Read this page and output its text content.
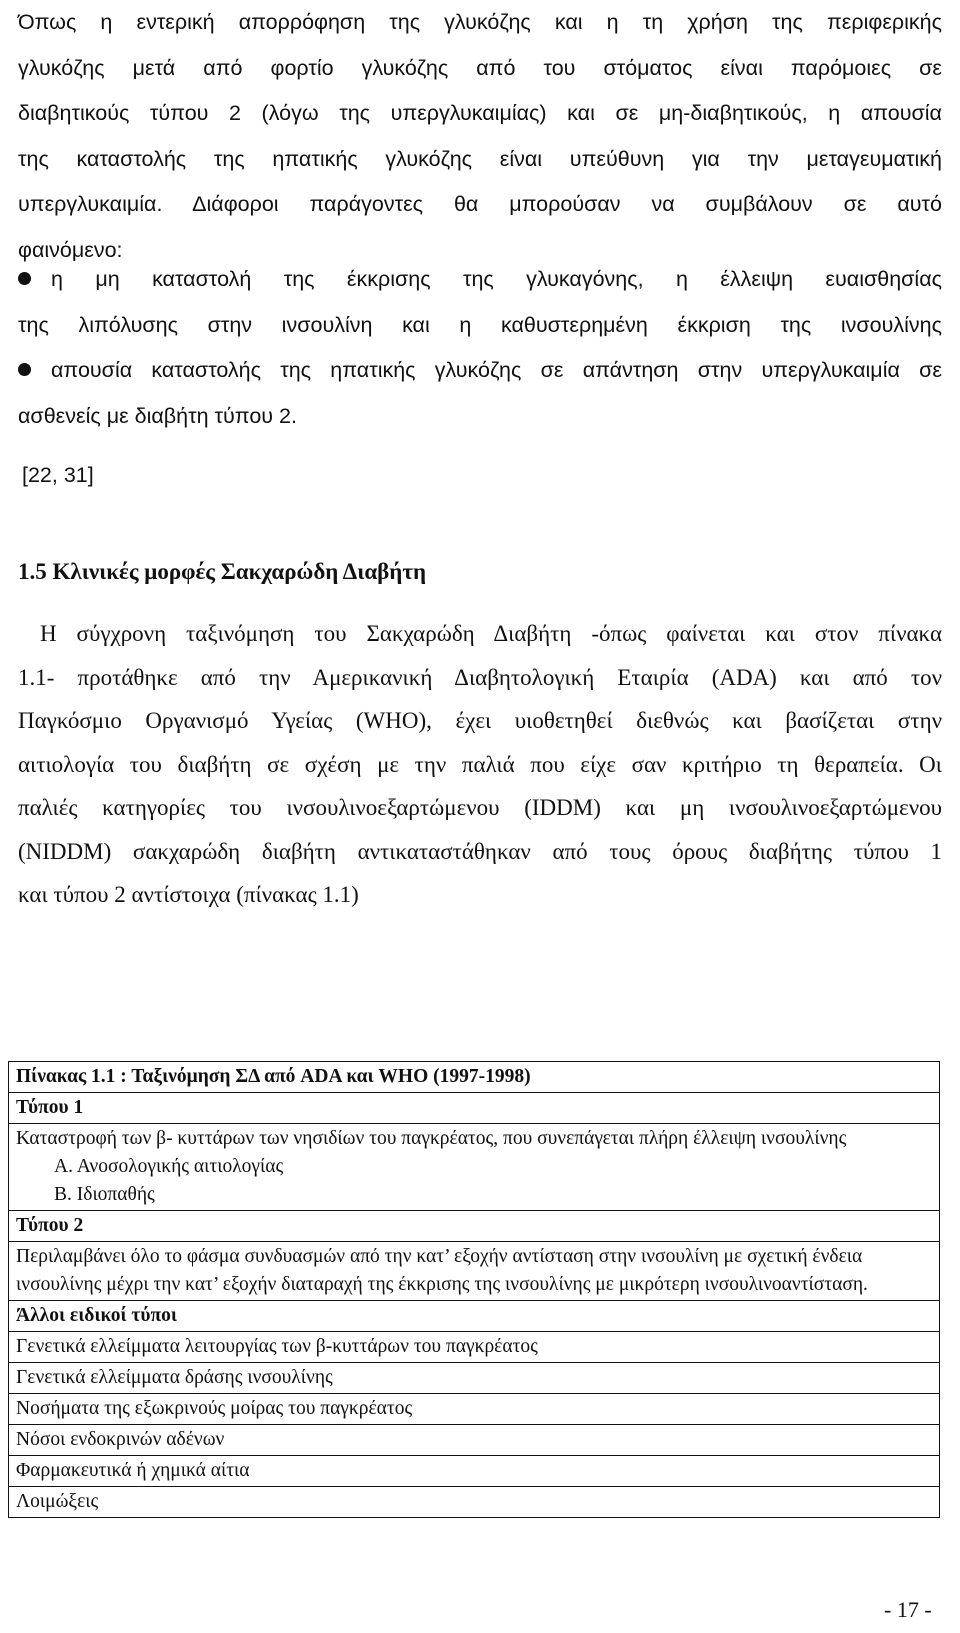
Όπως η εντερική απορρόφηση της γλυκόζης και η τη χρήση της περιφερικής
γλυκόζης μετά από φορτίο γλυκόζης από του στόματος είναι παρόμοιες σε
διαβητικούς τύπου 2 (λόγω της υπεργλυκαιμίας) και σε μη-διαβητικούς, η απουσία
της καταστολής της ηπατικής γλυκόζης είναι υπεύθυνη για την μεταγευματική
υπεργλυκαιμία. Διάφοροι παράγοντες θα μπορούσαν να συμβάλουν σε αυτό
φαινόμενο:
η μη καταστολή της έκκρισης της γλυκαγόνης, η έλλειψη ευαισθησίας
της λιπόλυσης στην ινσουλίνη και η καθυστερημένη έκκριση της ινσουλίνης
απουσία καταστολής της ηπατικής γλυκόζης σε απάντηση στην υπεργλυκαιμία σε
ασθενείς με διαβήτη τύπου 2.
[22, 31]
1.5 Κλινικές μορφές Σακχαρώδη Διαβήτη
Η σύγχρονη ταξινόμηση του Σακχαρώδη Διαβήτη -όπως φαίνεται και στον πίνακα
1.1- προτάθηκε από την Αμερικανική Διαβητολογική Εταιρία (ADA) και από τον
Παγκόσμιο Οργανισμό Υγείας (WHO), έχει υιοθετηθεί διεθνώς και βασίζεται στην
αιτιολογία του διαβήτη σε σχέση με την παλιά που είχε σαν κριτήριο τη θεραπεία. Οι
παλιές κατηγορίες του ινσουλινοεξαρτώμενου (IDDM) και μη ινσουλινοεξαρτώμενου
(NIDDM) σακχαρώδη διαβήτη αντικαταστάθηκαν από τους όρους διαβήτης τύπου 1
και τύπου 2 αντίστοιχα (πίνακας 1.1)
Πίνακας 1.1 : Ταξινόμηση ΣΔ από ADA και WHO (1997-1998)
Τύπου 1
Καταστροφή των β- κυττάρων των νησιδίων του παγκρέατος, που συνεπάγεται πλήρη έλλειψη ινσουλίνης
Α. Ανοσολογικής αιτιολογίας
Β. Ιδιοπαθής

Τύπου 2
Περιλαμβάνει όλο το φάσμα συνδυασμών από την κατ’ εξοχήν αντίσταση στην ινσουλίνη με σχετική ένδεια ινσουλίνης μέχρι την κατ’ εξοχήν διαταραχή της έκκρισης της ινσουλίνης με μικρότερη ινσουλινοαντίσταση.
Άλλοι ειδικοί τύποι
Γενετικά ελλείμματα λειτουργίας των β-κυττάρων του παγκρέατος
Γενετικά ελλείμματα δράσης ινσουλίνης
Νοσήματα της εξωκρινούς μοίρας του παγκρέατος
Νόσοι ενδοκρινών αδένων
Φαρμακευτικά ή χημικά αίτια
Λοιμώξεις
- 17 -
